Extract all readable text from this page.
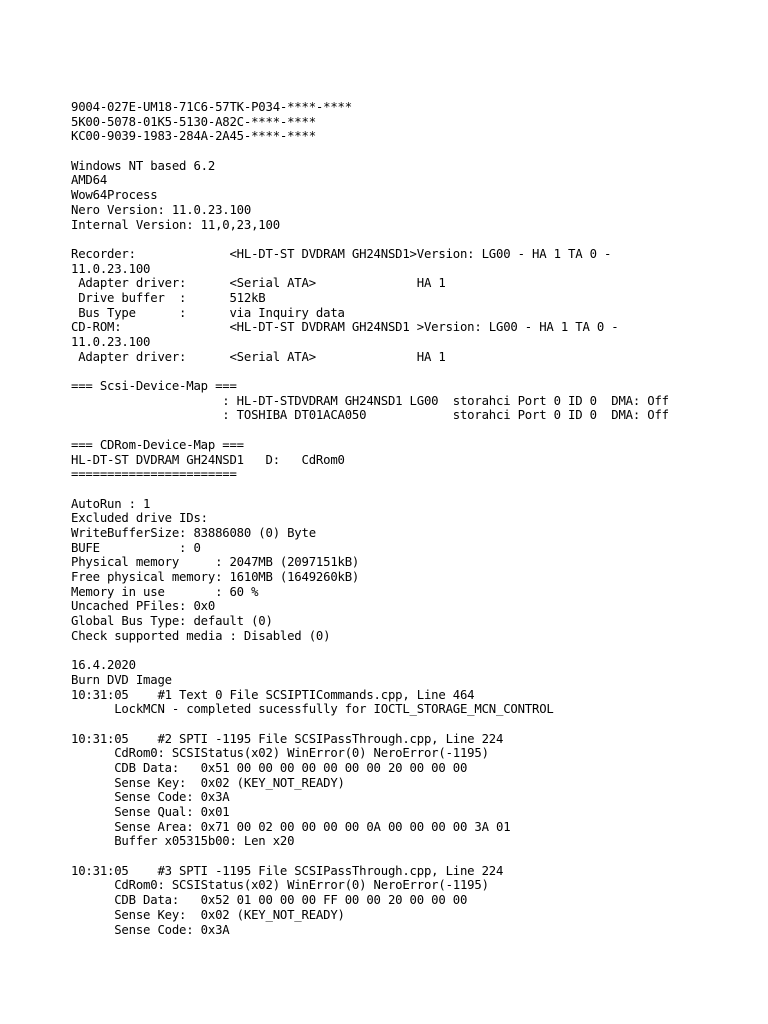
9004-027E-UM18-71C6-57TK-P034-****-****
5K00-5078-01K5-5130-A82C-****-****
KC00-9039-1983-284A-2A45-****-****
Windows NT based 6.2
AMD64
Wow64Process
Nero Version: 11.0.23.100
Internal Version: 11,0,23,100
Recorder:             <HL-DT-ST DVDRAM GH24NSD1>Version: LG00 - HA 1 TA 0 -
11.0.23.100
Adapter driver:      <Serial ATA>              HA 1
Drive buffer  :      512kB
Bus Type      :      via Inquiry data
CD-ROM:               <HL-DT-ST DVDRAM GH24NSD1 >Version: LG00 - HA 1 TA 0 -
11.0.23.100
Adapter driver:      <Serial ATA>              HA 1
=== Scsi-Device-Map ===
: HL-DT-STDVDRAM GH24NSD1 LG00  storahci Port 0 ID 0  DMA: Off
: TOSHIBA DT01ACA050            storahci Port 0 ID 0  DMA: Off
=== CDRom-Device-Map ===
HL-DT-ST DVDRAM GH24NSD1   D:   CdRom0
=======================
AutoRun : 1
Excluded drive IDs:
WriteBufferSize: 83886080 (0) Byte
BUFE           : 0
Physical memory     : 2047MB (2097151kB)
Free physical memory: 1610MB (1649260kB)
Memory in use       : 60 %
Uncached PFiles: 0x0
Global Bus Type: default (0)
Check supported media : Disabled (0)
16.4.2020
Burn DVD Image
10:31:05    #1 Text 0 File SCSIPTICommands.cpp, Line 464
LockMCN - completed sucessfully for IOCTL_STORAGE_MCN_CONTROL
10:31:05    #2 SPTI -1195 File SCSIPassThrough.cpp, Line 224
CdRom0: SCSIStatus(x02) WinError(0) NeroError(-1195)
CDB Data:   0x51 00 00 00 00 00 00 00 20 00 00 00
Sense Key:  0x02 (KEY_NOT_READY)
Sense Code: 0x3A
Sense Qual: 0x01
Sense Area: 0x71 00 02 00 00 00 00 0A 00 00 00 00 3A 01
Buffer x05315b00: Len x20
10:31:05    #3 SPTI -1195 File SCSIPassThrough.cpp, Line 224
CdRom0: SCSIStatus(x02) WinError(0) NeroError(-1195)
CDB Data:   0x52 01 00 00 00 FF 00 00 20 00 00 00
Sense Key:  0x02 (KEY_NOT_READY)
Sense Code: 0x3A
